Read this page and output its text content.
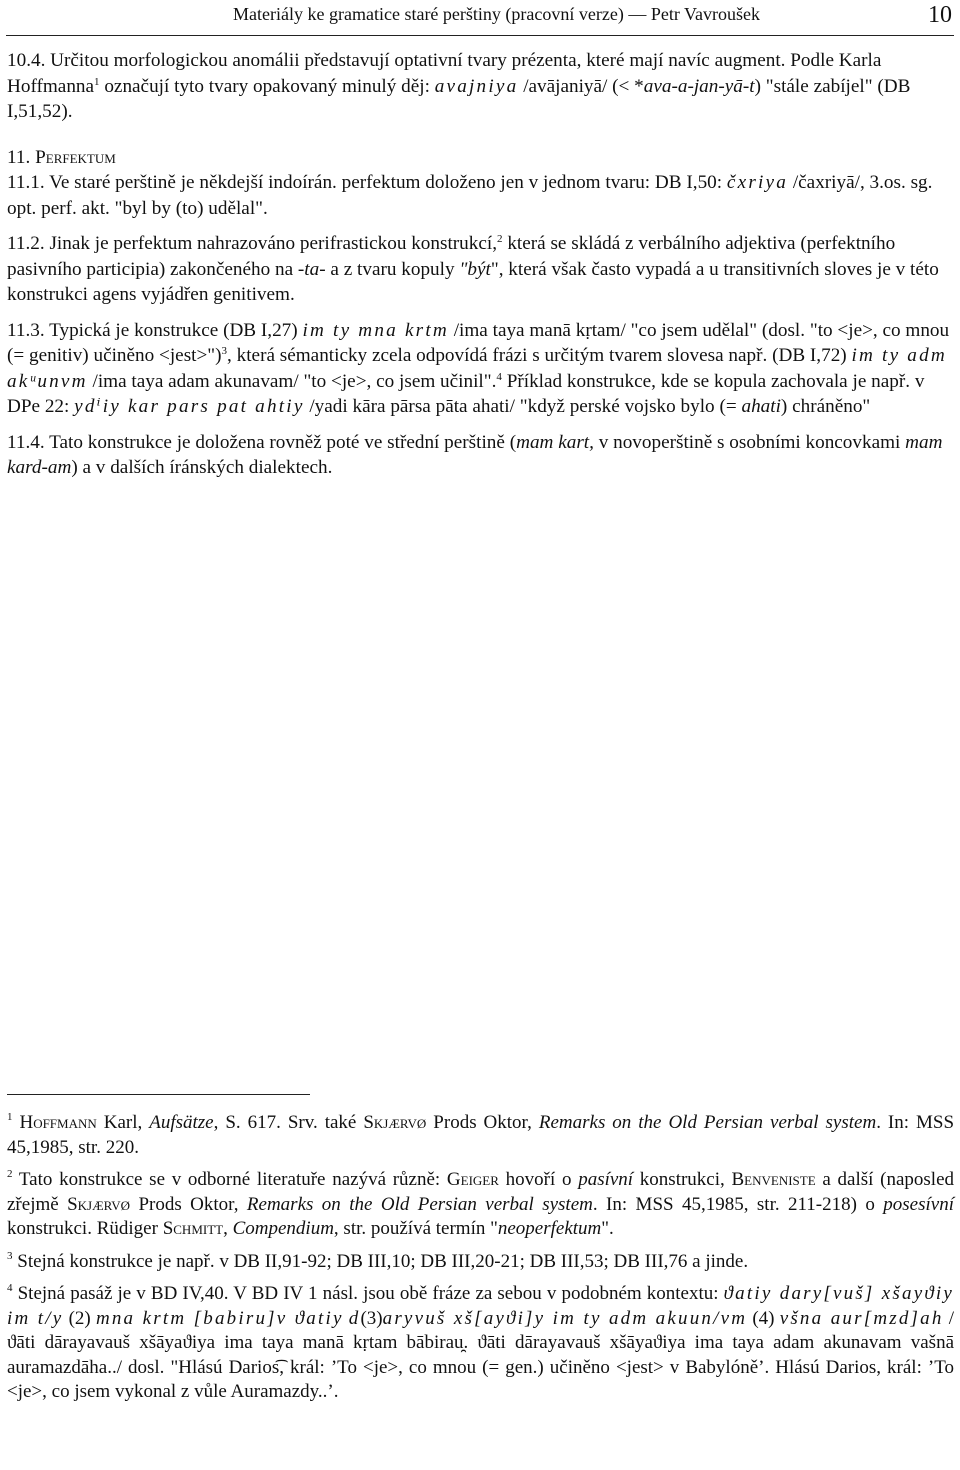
Materiály ke gramatice staré perštiny (pracovní verze) — Petr Vavroušek	10

10.4. Určitou morfologickou anomálii představují optativní tvary prézenta, které mají navíc augment. Podle Karla Hoffmanna$^1$ označují tyto tvary opakovaný minulý děj: avajniya /avājaniyā/ (< *ava-a-jan-yā-t) "stále zabíjel" (DB I,51,52).

11. Perfektum

11.1. Ve staré perštině je někdejší indoírán. perfektum doloženo jen v jednom tvaru: DB I,50: čxriya /čaxriyā/, 3.os. sg. opt. perf. akt. "byl by (to) udělal".

11.2. Jinak je perfektum nahrazováno perifrastickou konstrukcí,$^2$ která se skládá z verbálního adjektiva (perfektního pasivního participia) zakončeného na -ta- a z tvaru kopuly "být", která však často vypadá a u transitivních sloves je v této konstrukci agens vyjádřen genitivem.

11.3. Typická je konstrukce (DB I,27) im ty mna krtm /ima taya manā kṛtam/ "co jsem udělal" (dosl. "to <je>, co mnou (= genitiv) učiněno <jest>")$^3$, která sémanticky zcela odpovídá frázi s určitým tvarem slovesa např. (DB I,72) im ty adm akᵘunvm /ima taya adam akunavam/ "to <je>, co jsem učinil".$^4$ Příklad konstrukce, kde se kopula zachovala je např. v DPe 22: ydⁱiy kar pars pat ahtiy /yadi kāra pārsa pāta ahati/ "když perské vojsko bylo (= ahati) chráněno"

11.4. Tato konstrukce je doložena rovněž poté ve střední perštině (mam kart, v novoperštině s osobními koncovkami mam kard-am) a v dalších íránských dialektech.

$^1$ Hoffmann Karl, Aufsätze, S. 617. Srv. také Skjærvø Prods Oktor, Remarks on the Old Persian verbal system. In: MSS 45,1985, str. 220.

$^2$ Tato konstrukce se v odborné literatuře nazývá různě: Geiger hovoří o pasívní konstrukci, Benveniste a další (naposled zřejmě Skjærvø Prods Oktor, Remarks on the Old Persian verbal system. In: MSS 45,1985, str. 211-218) o posesívní konstrukci. Rüdiger Schmitt, Compendium, str. používá termín "neoperfektum".

$^3$ Stejná konstrukce je např. v DB II,91-92; DB III,10; DB III,20-21; DB III,53; DB III,76 a jinde.

$^4$ Stejná pasáž je v BD IV,40. V BD IV 1 násl. jsou obě fráze za sebou v podobném kontextu: ϑatiy dary[vuš] xšayϑiy im t/y (2) mna krtm [babiru]v ϑatiy d(3)aryvuš xš[ayϑi]y im ty adm akuun/vm (4) všna aur[mzd]ah /ϑāti dārayavauš xšāyaϑiya ima taya manā kṛtam bābirau̯. ϑāti dārayavauš xšāyaϑiya ima taya adam akunavam vašnā auramazdāha../ dosl. "Hlású Darios͡, král: ’To <je>, co mnou (= gen.) učiněno <jest> v Babylóně’. Hlású Darios, král: ’To <je>, co jsem vykonal z vůle Auramazdy..’.
